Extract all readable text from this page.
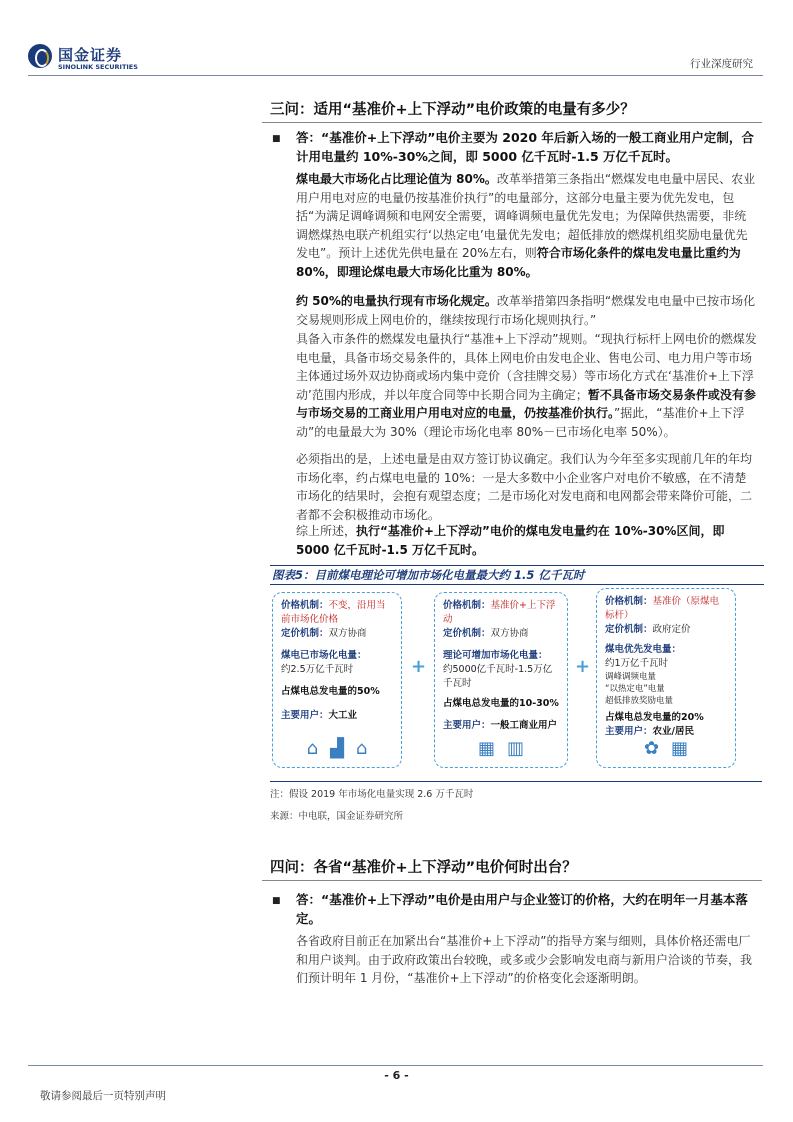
国金证券
SINOLINK SECURITIES	行业深度研究
三问：适用“基准价+上下浮动”电价政策的电量有多少？
■ 答：“基准价+上下浮动”电价主要为 2020 年后新入场的一般工商业用户定制，合计用电量约 10%-30%之间，即 5000 亿千瓦时-1.5 万亿千瓦时。
煤电最大市场化占比理论值为 80%。改革举措第三条指出“燃煤发电电量中居民、农业用户用电对应的电量仍按基准价执行”的电量部分，这部分电量主要为优先发电，包括“为满足调峰调频和电网安全需要，调峰调频电量优先发电；为保障供热需要，非统调燃煤热电联产机组实行‘以热定电’电量优先发电；超低排放的燃煤机组奖励电量优先发电”。预计上述优先供电量在 20%左右，则符合市场化条件的煤电发电量比重约为 80%，即理论煤电最大市场化比重为 80%。
约 50%的电量执行现有市场化规定。改革举措第四条指明“燃煤发电电量中已按市场化交易规则形成上网电价的，继续按现行市场化规则执行。”
具备入市条件的燃煤发电量执行“基准+上下浮动”规则。“现执行标杆上网电价的燃煤发电电量，具备市场交易条件的，具体上网电价由发电企业、售电公司、电力用户等市场主体通过场外双边协商或场内集中竞价（含挂牌交易）等市场化方式在‘基准价+上下浮动’范围内形成，并以年度合同等中长期合同为主确定；暂不具备市场交易条件或没有参与市场交易的工商业用户用电对应的电量，仍按基准价执行。”据此，“基准价+上下浮动”的电量最大为 30%（理论市场化电率 80%－已市场化电率 50%）。
必须指出的是，上述电量是由双方签订协议确定。我们认为今年至多实现前几年的年均市场化率，约占煤电电量的 10%：一是大多数中小企业客户对电价不敏感，在不清楚市场化的结果时，会抱有观望态度；二是市场化对发电商和电网都会带来降价可能，二者都不会积极推动市场化。
综上所述，执行“基准价+上下浮动”电价的煤电发电量约在 10%-30%区间，即 5000 亿千瓦时-1.5 万亿千瓦时。
图表5：目前煤电理论可增加市场化电量最大约 1.5 亿千瓦时
价格机制：不变，沿用当前市场化价格
定价机制：双方协商
煤电已市场化电量：
约2.5万亿千瓦时
占煤电总发电量的50%
主要用户：大工业
⌂ ▟ ⌂
+
价格机制：基准价+上下浮动
定价机制：双方协商
理论可增加市场化电量：
约5000亿千瓦时-1.5万亿千瓦时
占煤电总发电量的10-30%
主要用户：一般工商业用户
▦ ▥
+
价格机制：基准价（原煤电标杆）
定价机制：政府定价
煤电优先发电量：
约1万亿千瓦时
调峰调频电量
“以热定电”电量
超低排放奖励电量
占煤电总发电量的20%
主要用户：农业/居民
✿ ▦
注：假设 2019 年市场化电量实现 2.6 万千瓦时
来源：中电联，国金证券研究所
四问：各省“基准价+上下浮动”电价何时出台？
■ 答：“基准价+上下浮动”电价是由用户与企业签订的价格，大约在明年一月基本落定。
各省政府目前正在加紧出台“基准价+上下浮动”的指导方案与细则，具体价格还需电厂和用户谈判。由于政府政策出台较晚，或多或少会影响发电商与新用户洽谈的节奏，我们预计明年 1 月份，“基准价+上下浮动”的价格变化会逐渐明朗。
- 6 -
敬请参阅最后一页特别声明
